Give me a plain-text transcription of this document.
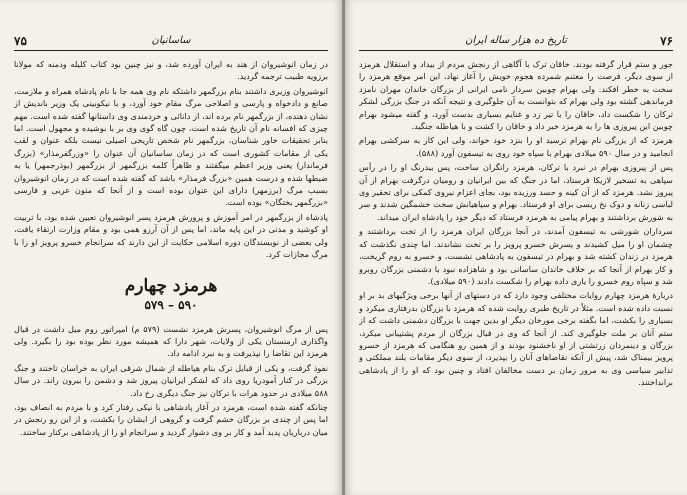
۷۵	ساسانیان

در زمان انوشیروان از هند به ایران آورده شد، و نیز چنین بود کتاب کلیله ودمنه که مولانا برزویه طبیب ترجمه گردید.

انوشیروان وزیری داشتند بنام بزرگمهر داشتکه نام وی همه جا با نام پادشاه همراه و ملازمت، صانع و دادخواه و پارسی و اصلاحی مرگ مقام خود آورد، و با نیکوبینی یک وزیر باندیش از نشان دهنده، از بزرگمهر نام برده اند، از دانائی و خردمندی وی داستانها گفته شده است. مهم چیزی که افسانه نام آن تاریخ شده است، چون گاه گوی وی بر با بوشیده و مجهول است. اما بنابر تحقیقات خاور شناسان، بزرگمهر نام شخص تاریخی اصیلی نیست بلکه عنوان و لقب یکی از مقامات کشوری است که در زمان ساسانیان آن عنوان را «وزرگفرمذار» (بزرگ فرماندار) یعنی وزیر اعظم میگفتند و ظاهراً کلمه بزرگمهر از بزرگمهر (بوذرجمهر) یا به ضبطها شده و درست همین «بزرگ فرمذار» باشد که گفته شده است که در زمان انوشیروان بسبب مرگ (برزمهر) دارای این عنوان بوده است و از آنجا که متون عربی و فارسی «بزرگمهر بختگان» بوده است.

پادشاه از بزرگمهر در امر آموزش و پرورش هرمزد پسر انوشیروان تعیین شده بود، با تربیت او کوشید و مدتی در این پایه ماند، اما پس از آن آرزو همی بود و مقام وزارت ارتقاء یافت، ولی بعضی از نویسندگان دوره اسلامی حکایت از این دارند که سرانجام خسرو پرویز او را با مرگ مجازات کرد.

هرمزد چهارم
۵۹۰ – ۵۷۹

پس از مرگ انوشیروان، پسرش هرمزد نشست (۵۷۹ م) امپراتور روم میل داشت در قبال واگذاری ارمنستان یکی از ولایات، شهر دارا که همیشه مورد نظر بوده بود را بگیرد. ولی هرمزد این تقاضا را نپذیرفت و به نبرد ادامه داد.

نفوذ گرفت، و یکی از قبایل ترک بنام هیاطله از شمال شرقی ایران به خراسان تاختند و جنگ بزرگی در کنار آمودریا روی داد که لشکر ایرانیان پیروز شد و دشمن را بیرون راند. در سال ۵۸۸ میلادی در حدود هرات با ترکان نیز جنگ دیگری رخ داد.

چنانکه گفته شده است، هرمزد در آغاز پادشاهی با نیکی رفتار کرد و با مردم به انصاف بود، اما پس از چندی بر بزرگان خشم گرفت و گروهی از ایشان را بکشت، و از این رو رنجش در میان درباریان پدید آمد و کار بر وی دشوار گردید و سرانجام او را از پادشاهی برکنار ساختند.

۷۶
تاریخ ده هزار ساله ایران

جور و ستم قرار گرفته بودند. خاقان ترک با آگاهی از رنجش مردم از بیداد و استقلال هرمزد از سوی دیگر، فرصت را مغتنم شمرده هجوم خویش را آغاز نهاد، این امر موقع هرمزد را سخت به خطر افکند. ولی بهرام چوبین سردار نامی ایرانی از بزرگان خاندان مهران نامزد فرماندهی گشته بود ولی بهرام که بتوانست به آن جلوگیری و نتیجه آنکه در جنگ بزرگی لشکر ترکان را شکست داد، خاقان را با تیر زد و غنایم بسیاری بدست آورد، و گفته میشود بهرام چوبین این پیروزی ها را به هرمزد خبر داد و خاقان را کشت و با هیاطله جنگید.

هرمزد که از بزرگی نام بهرام ترسید او را بنزد خود خواند، ولی این کار به سرکشی بهرام انجامید و در سال ۵۹۰ میلادی بهرام با سپاه خود روی به تیسفون آورد (۵۸۸).

پس از پیروزی بهرام در نبرد با ترکان، هرمزد رانگران ساخت، پس بیدرنگ او را در رأس سپاهی به تسخیر لازیکا فرستاد، اما در جنگ که بین ایرانیان و رومیان درگرفت بهرام از آن پیروز نشد. هرمزد که از آن کینه و حسد ورزیده بود، بجای اعزام نیروی کمکی برای تحقیر وی لباسی زنانه و دوک نخ ریسی برای او فرستاد. بهرام و سپاهیانش سخت خشمگین شدند و سر به شورش برداشتند و بهرام پیامی به هرمزد فرستاد که دیگر خود را پادشاه ایران میداند.

سرداران شورشی به تیسفون آمدند، در آنجا بزرگان ایران هرمزد را از تخت برداشتند و چشمان او را میل کشیدند و پسرش خسرو پرویز را بر تخت نشاندند. اما چندی نگذشت که هرمزد در زندان کشته شد و بهرام در تیسفون به پادشاهی نشست، و خسرو به روم گریخت، و کار بهرام از آنجا که بر خلاف خاندان ساسانی بود و شاهزاده نبود با دشمنی بزرگان روبرو شد و سپاه روم خسرو را یاری داده بهرام را شکست دادند (۵۹۰ میلادی).

دربارهٔ هرمزد چهارم روایات مختلفی وجود دارد که در دستهای از آنها برخی ویژگیهای بد بر او نسبت داده شده است. مثلاً در تاریخ طبری روایت شده که هرمزد با بزرگان بدرفتاری میکرد و بسیاری را بکشت، اما بگفته برخی مورخان دیگر او بدین جهت با بزرگان دشمنی داشت که از ستم آنان بر ملت جلوگیری کند. از آنجا که وی در قبال بزرگان از مردم پشتیبانی میکرد، بزرگان و دینمردان زرتشتی از او ناخشنود بودند و از همین رو هنگامی که هرمزد از خسرو پرویز بیمناک شد، پیش از آنکه تقاضاهای آنان را بپذیرد، از سوی دیگر مقامات بلند مملکتی و تدابیر سیاسی وی به مرور زمان بر دست مخالفان افتاد و چنین بود که او را از پادشاهی برانداختند.
